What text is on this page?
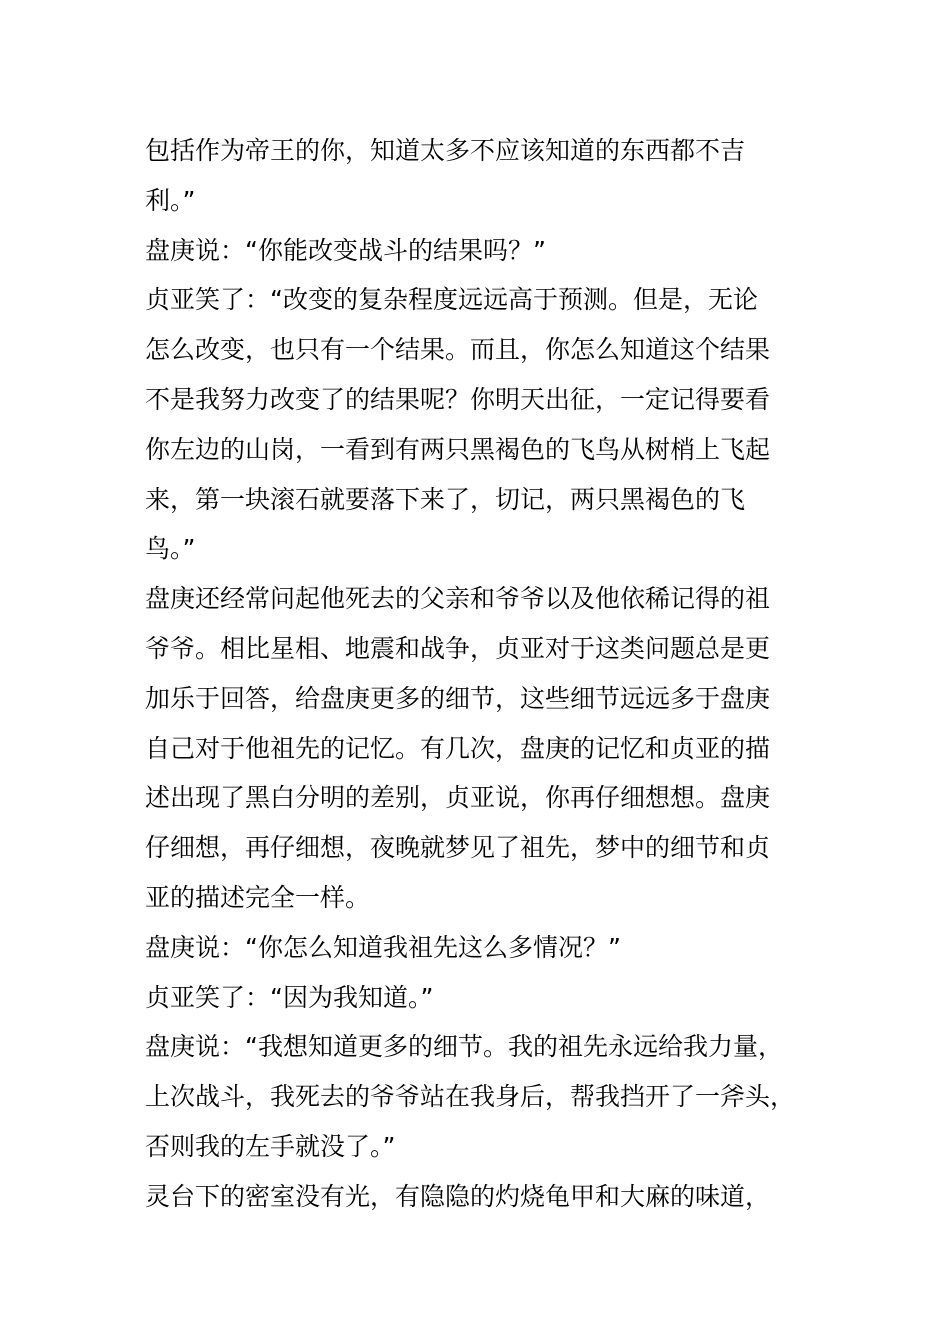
包括作为帝王的你，知道太多不应该知道的东西都不吉

利。”

盘庚说：“你能改变战斗的结果吗？”

贞亚笑了：“改变的复杂程度远远高于预测。但是，无论

怎么改变，也只有一个结果。而且，你怎么知道这个结果

不是我努力改变了的结果呢？你明天出征，一定记得要看

你左边的山岗，一看到有两只黑褐色的飞鸟从树梢上飞起

来，第一块滚石就要落下来了，切记，两只黑褐色的飞

鸟。”

盘庚还经常问起他死去的父亲和爷爷以及他依稀记得的祖

爷爷。相比星相、地震和战争，贞亚对于这类问题总是更

加乐于回答，给盘庚更多的细节，这些细节远远多于盘庚

自己对于他祖先的记忆。有几次，盘庚的记忆和贞亚的描

述出现了黑白分明的差别，贞亚说，你再仔细想想。盘庚

仔细想，再仔细想，夜晚就梦见了祖先，梦中的细节和贞

亚的描述完全一样。

盘庚说：“你怎么知道我祖先这么多情况？”

贞亚笑了：“因为我知道。”

盘庚说：“我想知道更多的细节。我的祖先永远给我力量，

上次战斗，我死去的爷爷站在我身后，帮我挡开了一斧头，

否则我的左手就没了。”

灵台下的密室没有光，有隐隐的灼烧龟甲和大麻的味道，
